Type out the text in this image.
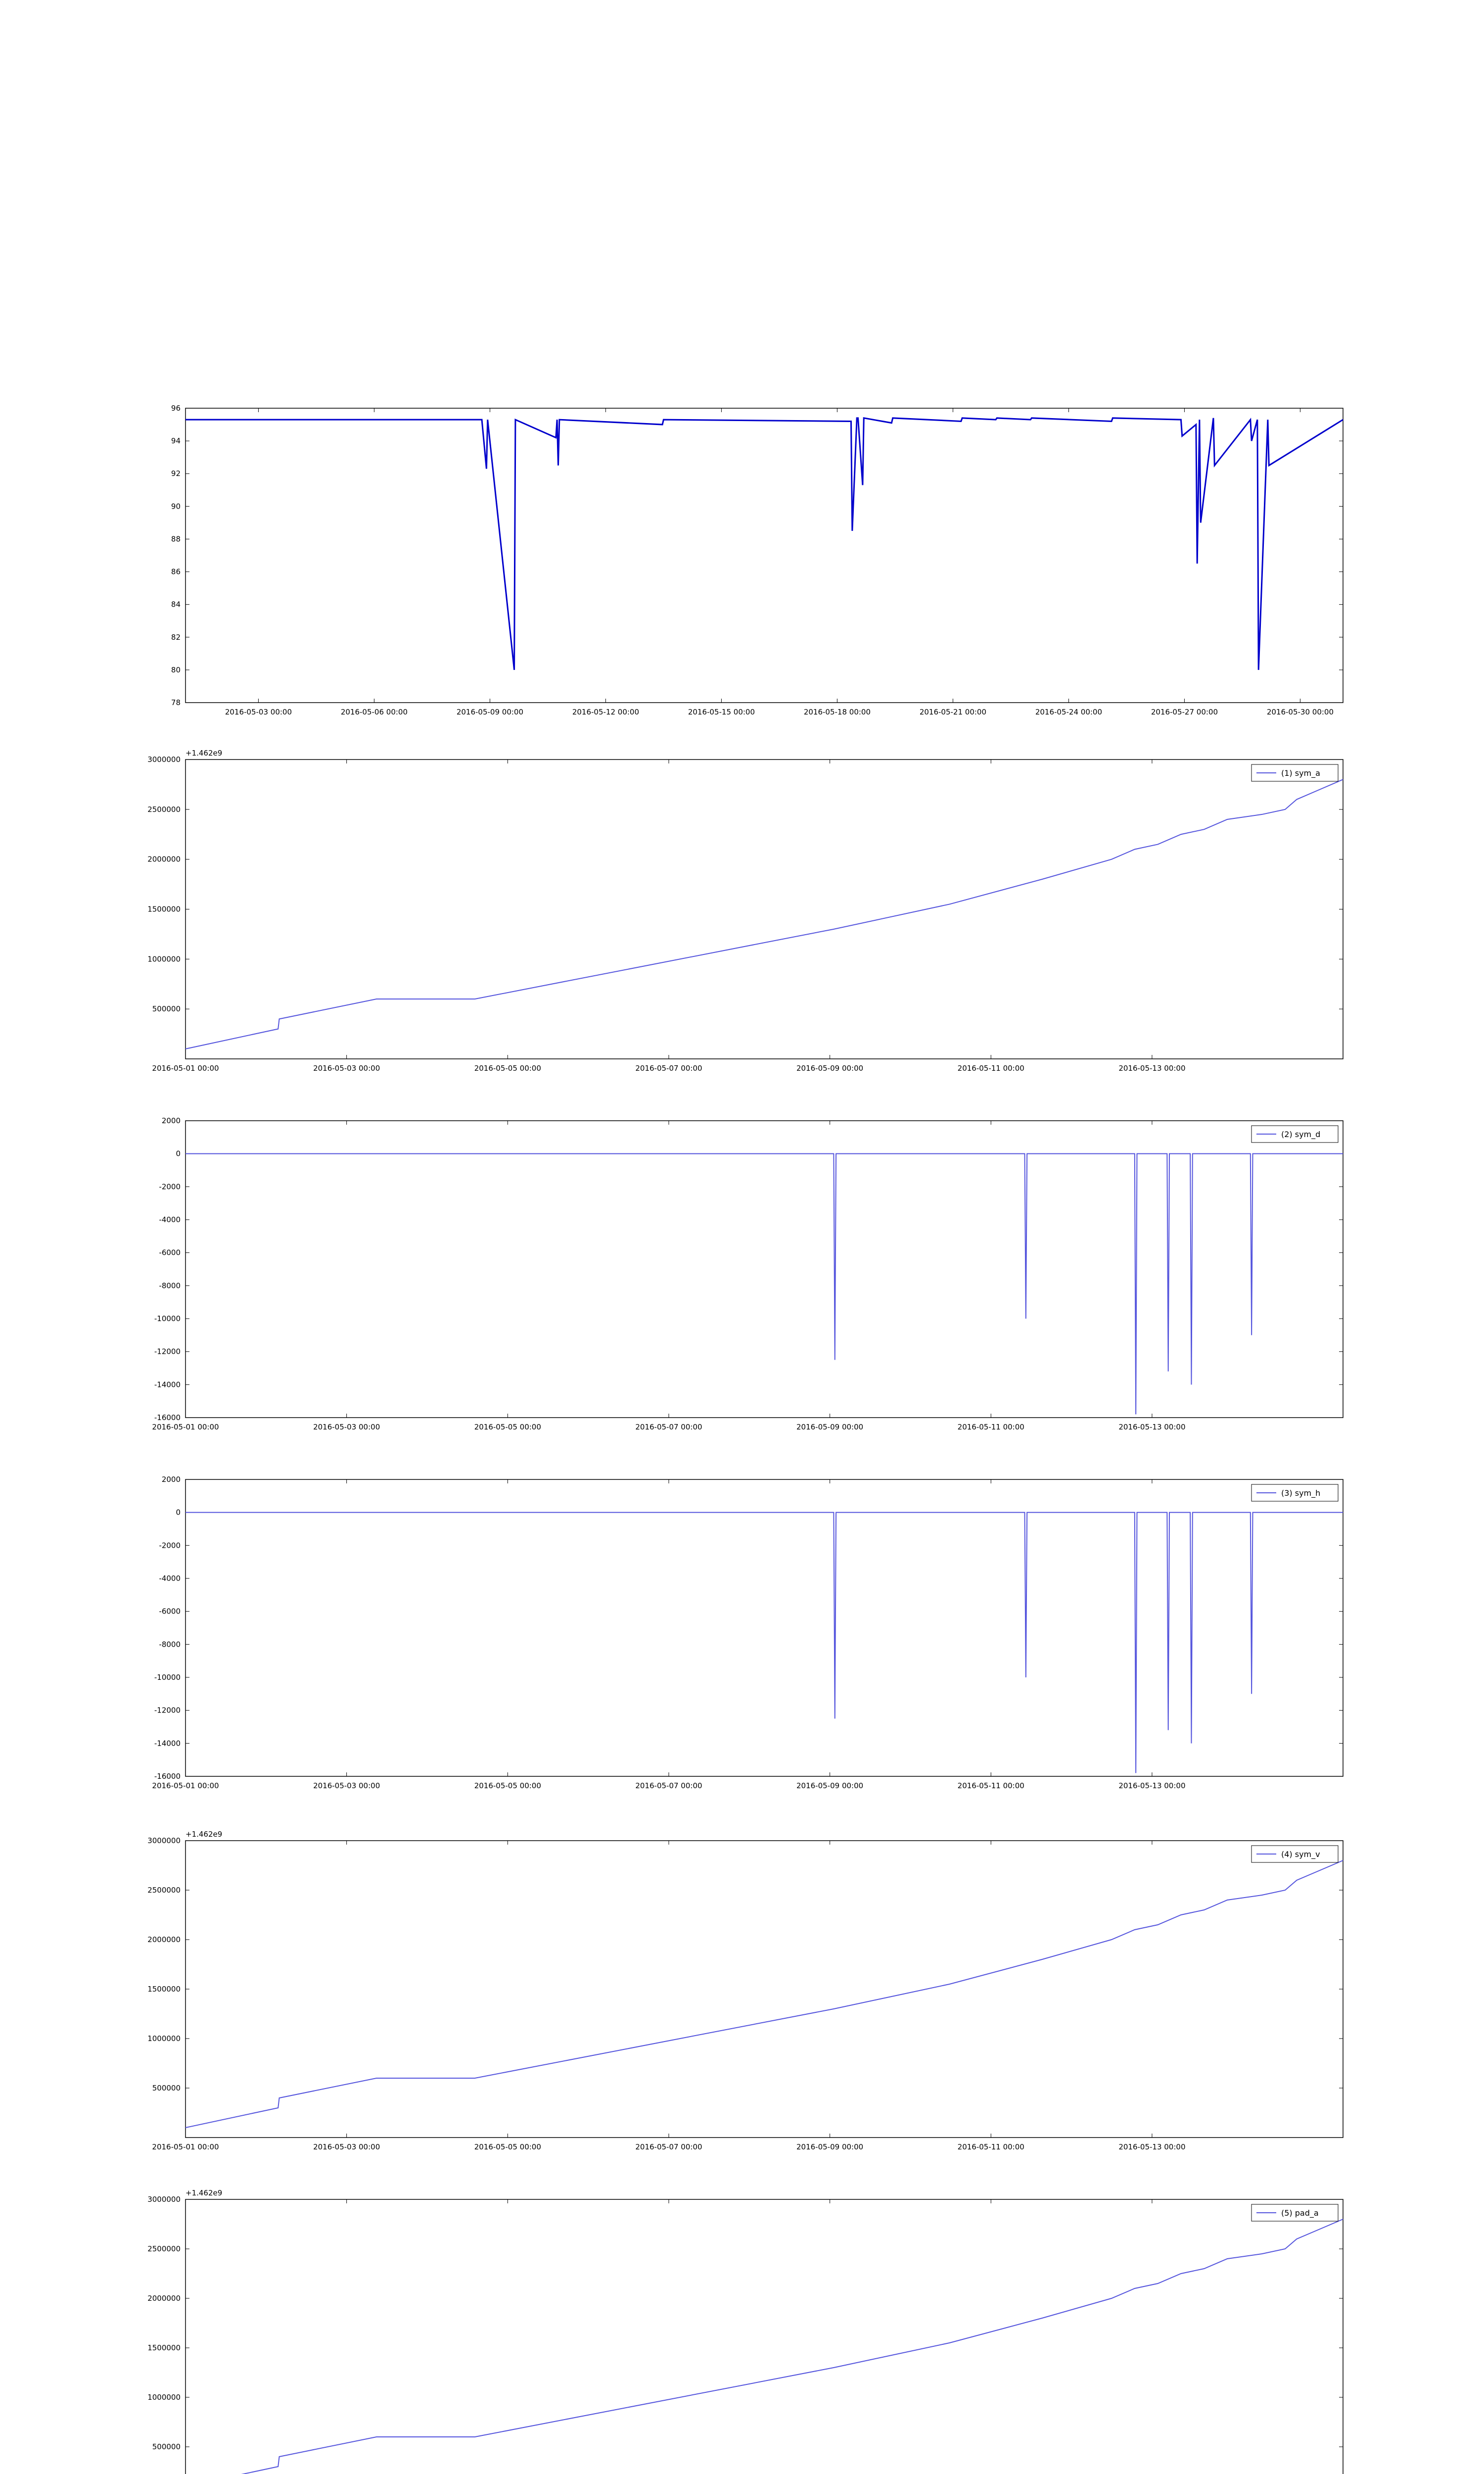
96
94
92
90
88
86
84
82
80
78
2016-05-03 00:00	2016-05-06 00:00	2016-05-09 00:00	2016-05-12 00:00	2016-05-15 00:00	2016-05-18 00:00	2016-05-21 00:00	2016-05-24 00:00	2016-05-27 00:00	2016-05-30 00:00
(1) sym_a
3000000
2500000
2000000
1500000
1000000
500000
2016-05-01 00:00	2016-05-03 00:00	2016-05-05 00:00	2016-05-07 00:00	2016-05-09 00:00	2016-05-11 00:00	2016-05-13 00:00
+1.462e9
(2) sym_d
2000
0
-2000
-4000
-6000
-8000
-10000
-12000
-14000
-16000
2016-05-01 00:00	2016-05-03 00:00	2016-05-05 00:00	2016-05-07 00:00	2016-05-09 00:00	2016-05-11 00:00	2016-05-13 00:00
(3) sym_h
2000
0
-2000
-4000
-6000
-8000
-10000
-12000
-14000
-16000
2016-05-01 00:00	2016-05-03 00:00	2016-05-05 00:00	2016-05-07 00:00	2016-05-09 00:00	2016-05-11 00:00	2016-05-13 00:00
(4) sym_v
3000000
2500000
2000000
1500000
1000000
500000
2016-05-01 00:00	2016-05-03 00:00	2016-05-05 00:00	2016-05-07 00:00	2016-05-09 00:00	2016-05-11 00:00	2016-05-13 00:00
+1.462e9
(5) pad_a
3000000
2500000
2000000
1500000
1000000
500000
+1.462e9
